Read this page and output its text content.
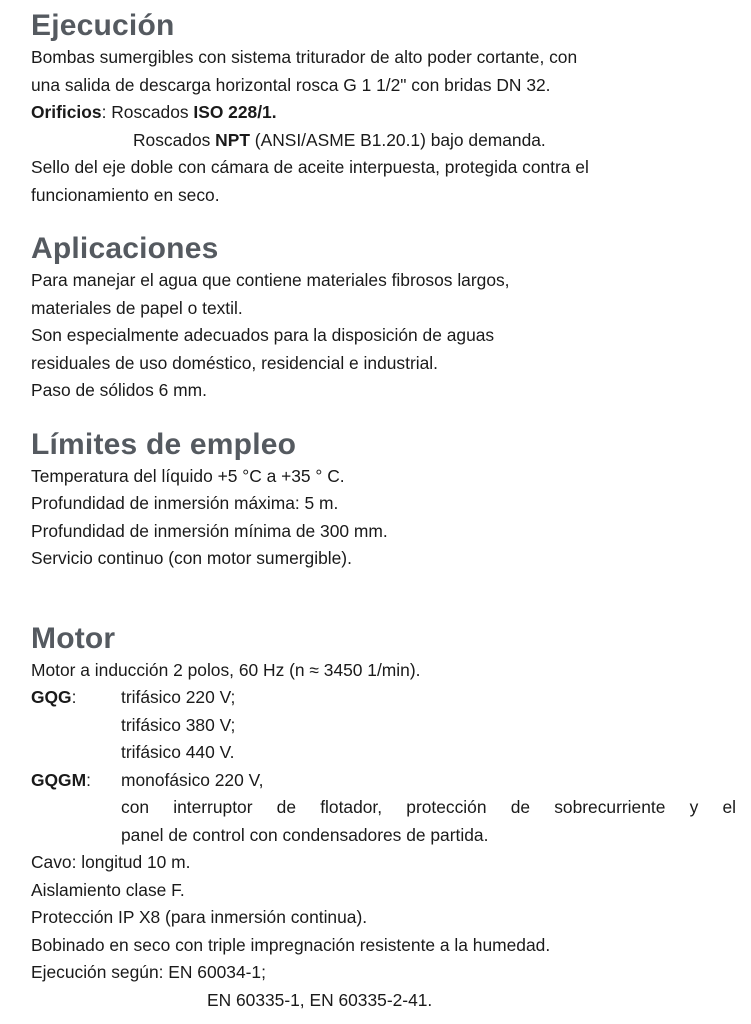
Ejecución
Bombas sumergibles con sistema triturador de alto poder cortante, con
una salida de descarga horizontal rosca G 1 1/2" con bridas DN 32.
Orificios: Roscados ISO 228/1.
Roscados NPT (ANSI/ASME B1.20.1) bajo demanda.
Sello del eje doble con cámara de aceite interpuesta, protegida contra el
funcionamiento en seco.
Aplicaciones
Para manejar el agua que contiene materiales fibrosos largos,
materiales de papel o textil.
Son especialmente adecuados para la disposición de aguas
residuales de uso doméstico, residencial e industrial.
Paso de sólidos 6 mm.
Límites de empleo
Temperatura del líquido +5 °C a +35 ° C.
Profundidad de inmersión máxima: 5 m.
Profundidad de inmersión mínima de 300 mm.
Servicio continuo (con motor sumergible).
Motor
Motor a inducción 2 polos, 60 Hz (n ≈ 3450 1/min).
GQG:	trifásico 220 V;
trifásico 380 V;
trifásico 440 V.
GQGM:	monofásico 220 V,
con interruptor de flotador, protección de sobrecurriente y el
panel de control con condensadores de partida.
Cavo: longitud 10 m.
Aislamiento clase F.
Protección IP X8 (para inmersión continua).
Bobinado en seco con triple impregnación resistente a la humedad.
Ejecución según: EN 60034-1;
EN 60335-1, EN 60335-2-41.
